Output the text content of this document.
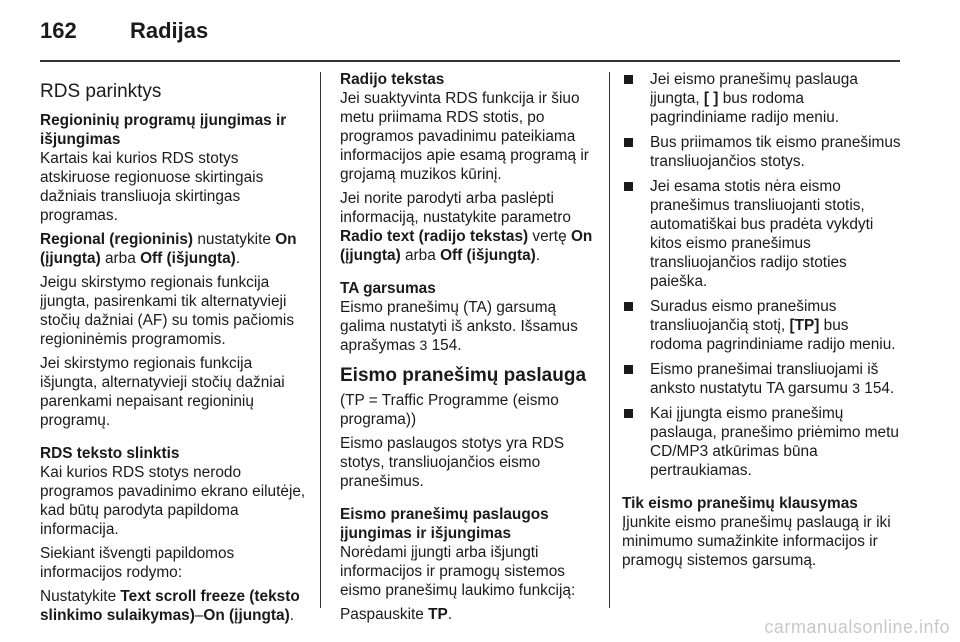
162	Radijas
RDS parinktys

Regioninių programų įjungimas ir išjungimas

Kartais kai kurios RDS stotys atskiruose regionuose skirtingais dažniais transliuoja skirtingas programas.

Regional (regioninis) nustatykite On (įjungta) arba Off (išjungta).

Jeigu skirstymo regionais funkcija įjungta, pasirenkami tik alternatyvieji stočių dažniai (AF) su tomis pačiomis regioninėmis programomis.

Jei skirstymo regionais funkcija išjungta, alternatyvieji stočių dažniai parenkami nepaisant regioninių programų.

RDS teksto slinktis

Kai kurios RDS stotys nerodo programos pavadinimo ekrano eilutėje, kad būtų parodyta papildoma informacija.

Siekiant išvengti papildomos informacijos rodymo:

Nustatykite Text scroll freeze (teksto slinkimo sulaikymas)–On (įjungta).

Radijo tekstas

Jei suaktyvinta RDS funkcija ir šiuo metu priimama RDS stotis, po programos pavadinimu pateikiama informacijos apie esamą programą ir grojamą muzikos kūrinį.

Jei norite parodyti arba paslėpti informaciją, nustatykite parametro Radio text (radijo tekstas) vertę On (įjungta) arba Off (išjungta).

TA garsumas

Eismo pranešimų (TA) garsumą galima nustatyti iš anksto. Išsamus aprašymas 3 154.

Eismo pranešimų paslauga

(TP = Traffic Programme (eismo programa))

Eismo paslaugos stotys yra RDS stotys, transliuojančios eismo pranešimus.

Eismo pranešimų paslaugos įjungimas ir išjungimas

Norėdami įjungti arba išjungti informacijos ir pramogų sistemos eismo pranešimų laukimo funkciją:

Paspauskite TP.

Jei eismo pranešimų paslauga įjungta, [ ] bus rodoma pagrindiniame radijo meniu.
Bus priimamos tik eismo pranešimus transliuojančios stotys.
Jei esama stotis nėra eismo pranešimus transliuojanti stotis, automatiškai bus pradėta vykdyti kitos eismo pranešimus transliuojančios radijo stoties paieška.
Suradus eismo pranešimus transliuojančią stotį, [TP] bus rodoma pagrindiniame radijo meniu.
Eismo pranešimai transliuojami iš anksto nustatytu TA garsumu 3 154.
Kai įjungta eismo pranešimų paslauga, pranešimo priėmimo metu CD/MP3 atkūrimas būna pertraukiamas.

Tik eismo pranešimų klausymas

Įjunkite eismo pranešimų paslaugą ir iki minimumo sumažinkite informacijos ir pramogų sistemos garsumą.

carmanualsonline.info
